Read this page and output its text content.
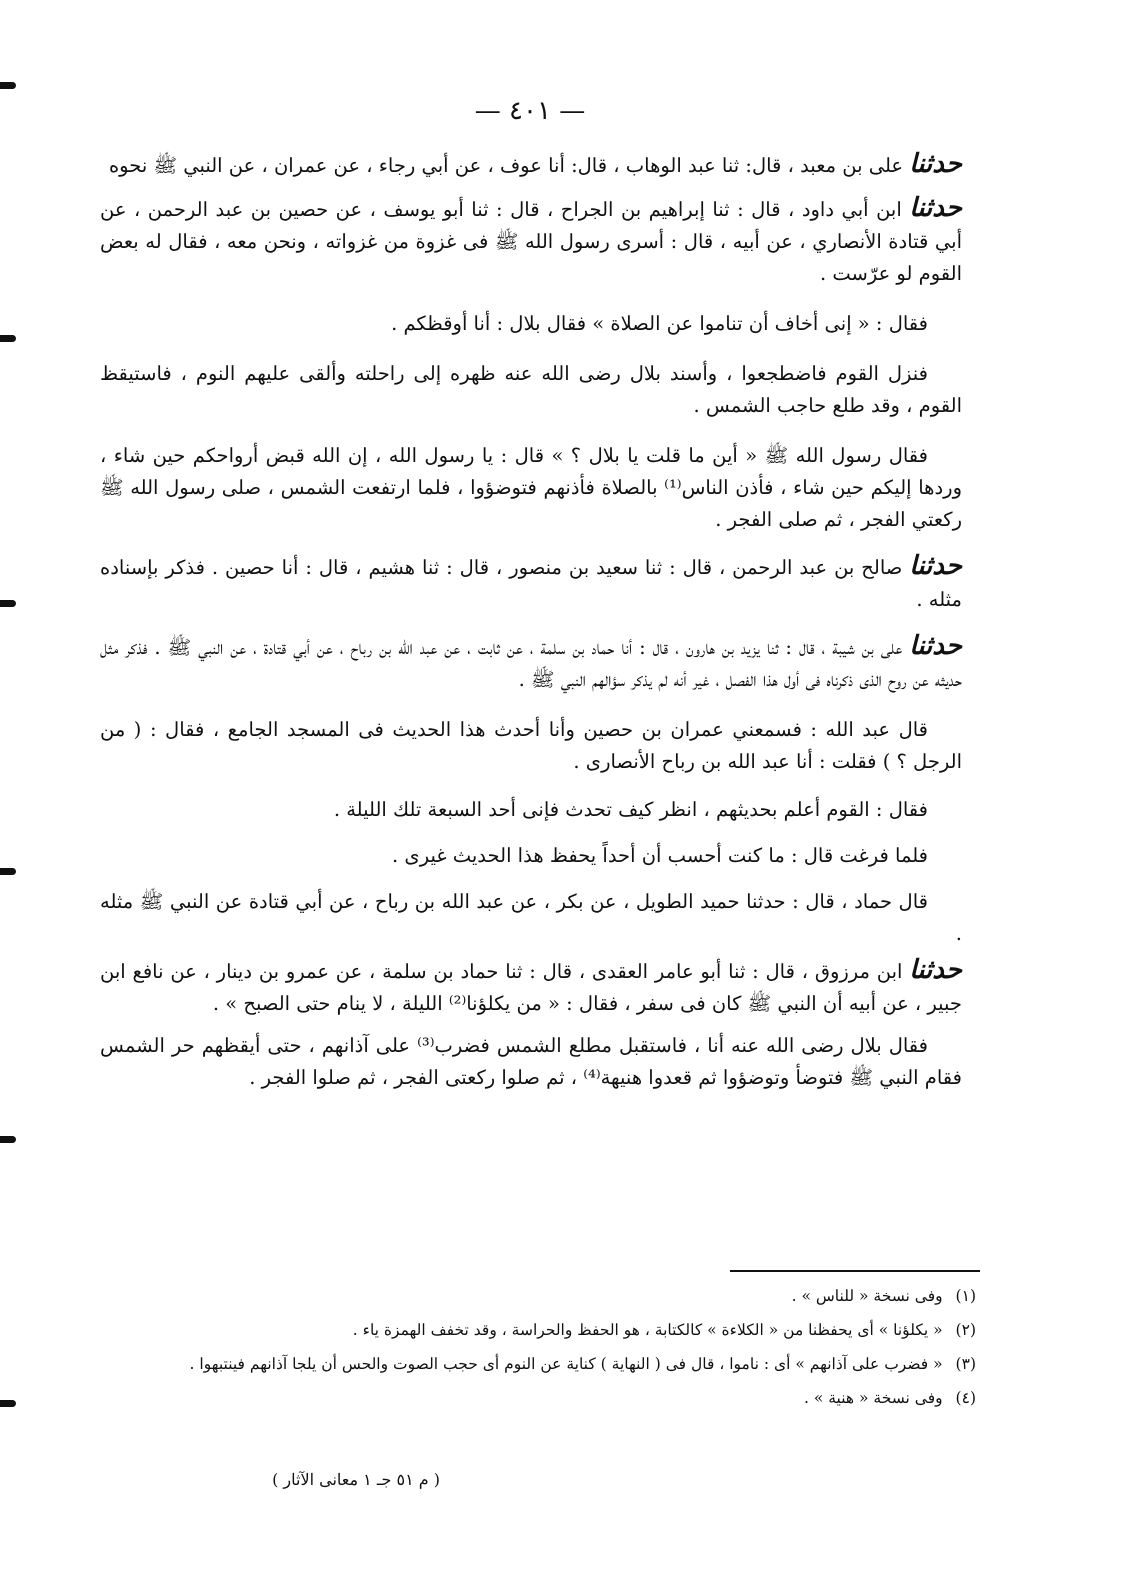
— ٤٠١ —

حدثنا على بن معبد ، قال: ثنا عبد الوهاب ، قال: أنا عوف ، عن أبي رجاء ، عن عمران ، عن النبي ﷺ نحوه

حدثنا ابن أبي داود ، قال : ثنا إبراهيم بن الجراح ، قال : ثنا أبو يوسف ، عن حصين بن عبد الرحمن ، عن أبي قتادة الأنصاري ، عن أبيه ، قال : أسرى رسول الله ﷺ فى غزوة من غزواته ، ونحن معه ، فقال له بعض القوم لو عرّست .

فقال : « إنى أخاف أن تناموا عن الصلاة » فقال بلال : أنا أوقظكم .

فنزل القوم فاضطجعوا ، وأسند بلال رضى الله عنه ظهره إلى راحلته وألقى عليهم النوم ، فاستيقظ القوم ، وقد طلع حاجب الشمس .

فقال رسول الله ﷺ « أين ما قلت يا بلال ؟ » قال : يا رسول الله ، إن الله قبض أرواحكم حين شاء ، وردها إليكم حين شاء ، فأذن الناس⁽¹⁾ بالصلاة فأذنهم فتوضؤوا ، فلما ارتفعت الشمس ، صلى رسول الله ﷺ ركعتي الفجر ، ثم صلى الفجر .

حدثنا صالح بن عبد الرحمن ، قال : ثنا سعيد بن منصور ، قال : ثنا هشيم ، قال : أنا حصين . فذكر بإسناده مثله .

حدثنا على بن شيبة ، قال : ثنا يزيد بن هارون ، قال : أنا حماد بن سلمة ، عن ثابت ، عن عبد الله بن رباح ، عن أبي قتادة ، عن النبي ﷺ . فذكر مثل حديثه عن روح الذى ذكرناه فى أول هذا الفصل ، غير أنه لم يذكر سؤالهم النبي ﷺ .

قال عبد الله : فسمعني عمران بن حصين وأنا أحدث هذا الحديث فى المسجد الجامع ، فقال : ( من الرجل ؟ ) فقلت : أنا عبد الله بن رباح الأنصارى .

فقال : القوم أعلم بحديثهم ، انظر كيف تحدث فإنى أحد السبعة تلك الليلة .

فلما فرغت قال : ما كنت أحسب أن أحداً يحفظ هذا الحديث غيرى .

قال حماد ، قال : حدثنا حميد الطويل ، عن بكر ، عن عبد الله بن رباح ، عن أبي قتادة عن النبي ﷺ مثله .

حدثنا ابن مرزوق ، قال : ثنا أبو عامر العقدى ، قال : ثنا حماد بن سلمة ، عن عمرو بن دينار ، عن نافع ابن جبير ، عن أبيه أن النبي ﷺ كان فى سفر ، فقال : « من يكلؤنا⁽²⁾ الليلة ، لا ينام حتى الصبح » .

فقال بلال رضى الله عنه أنا ، فاستقبل مطلع الشمس فضرب⁽³⁾ على آذانهم ، حتى أيقظهم حر الشمس فقام النبي ﷺ فتوضأ وتوضؤوا ثم قعدوا هنيهة⁽⁴⁾ ، ثم صلوا ركعتى الفجر ، ثم صلوا الفجر .

(١) وفى نسخة « للناس » .

(٢) « يكلؤنا » أى يحفظنا من « الكلاءة » كالكتابة ، هو الحفظ والحراسة ، وقد تخفف الهمزة ياء .

(٣) « فضرب على آذانهم » أى : ناموا ، قال فى ( النهاية ) كناية عن النوم أى حجب الصوت والحس أن يلجا آذانهم فينتبهوا .

(٤) وفى نسخة « هنية » .

( م ٥١ جـ ١ معانى الآثار )
